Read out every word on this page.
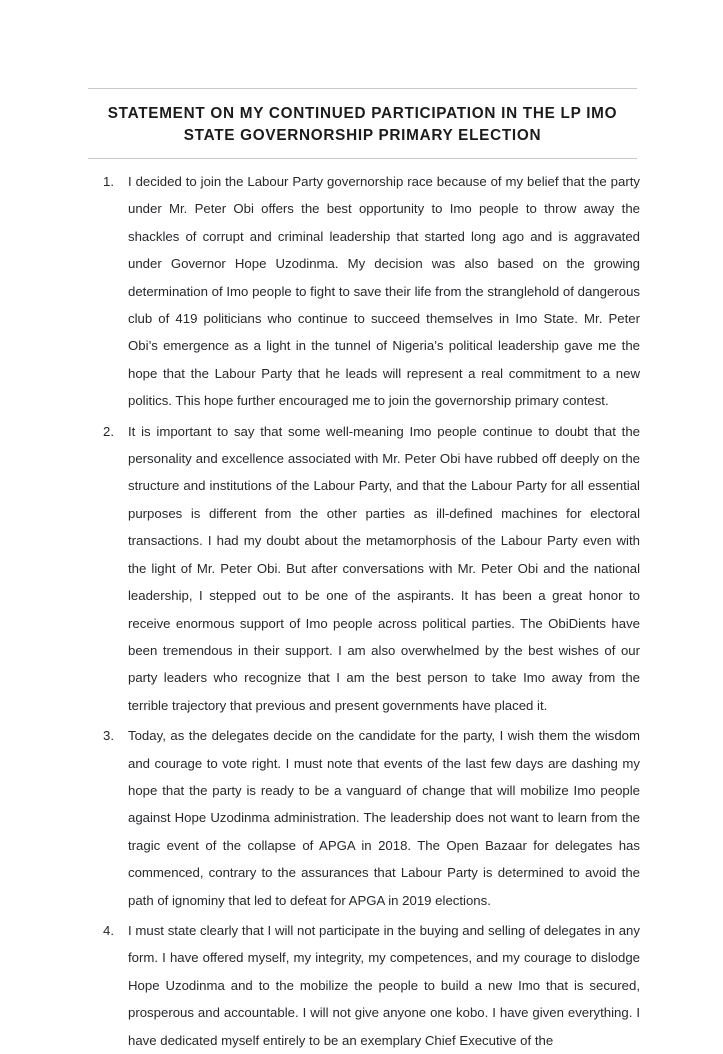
STATEMENT ON MY CONTINUED PARTICIPATION IN THE LP IMO
STATE GOVERNORSHIP PRIMARY ELECTION
1.	I decided to join the Labour Party governorship race because of my belief that the party under Mr. Peter Obi offers the best opportunity to Imo people to throw away the shackles of corrupt and criminal leadership that started long ago and is aggravated under Governor Hope Uzodinma. My decision was also based on the growing determination of Imo people to fight to save their life from the stranglehold of dangerous club of 419 politicians who continue to succeed themselves in Imo State. Mr. Peter Obi’s emergence as a light in the tunnel of Nigeria’s political leadership gave me the hope that the Labour Party that he leads will represent a real commitment to a new politics. This hope further encouraged me to join the governorship primary contest.
2.	It is important to say that some well-meaning Imo people continue to doubt that the personality and excellence associated with Mr. Peter Obi have rubbed off deeply on the structure and institutions of the Labour Party, and that the Labour Party for all essential purposes is different from the other parties as ill-defined machines for electoral transactions. I had my doubt about the metamorphosis of the Labour Party even with the light of Mr. Peter Obi. But after conversations with Mr. Peter Obi and the national leadership, I stepped out to be one of the aspirants. It has been a great honor to receive enormous support of Imo people across political parties. The ObiDients have been tremendous in their support. I am also overwhelmed by the best wishes of our party leaders who recognize that I am the best person to take Imo away from the terrible trajectory that previous and present governments have placed it.
3.	Today, as the delegates decide on the candidate for the party, I wish them the wisdom and courage to vote right. I must note that events of the last few days are dashing my hope that the party is ready to be a vanguard of change that will mobilize Imo people against Hope Uzodinma administration. The leadership does not want to learn from the tragic event of the collapse of APGA in 2018. The Open Bazaar for delegates has commenced, contrary to the assurances that Labour Party is determined to avoid the path of ignominy that led to defeat for APGA in 2019 elections.
4.	I must state clearly that I will not participate in the buying and selling of delegates in any form. I have offered myself, my integrity, my competences, and my courage to dislodge Hope Uzodinma and to the mobilize the people to build a new Imo that is secured, prosperous and accountable. I will not give anyone one kobo. I have given everything. I have dedicated myself entirely to be an exemplary Chief Executive of the
